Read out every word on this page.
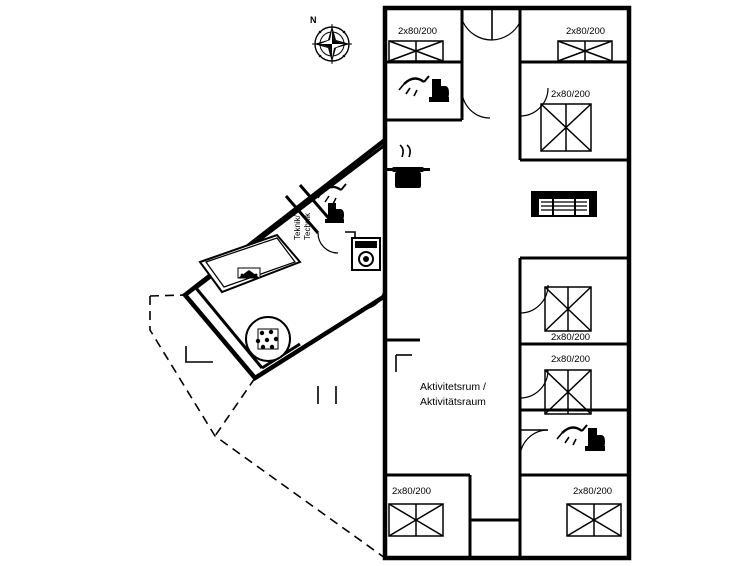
N
2x80/200	2x80/200
2x80/200
2x80/200
2x80/200
2x80/200	2x80/200
Aktivitetsrum /
Aktivitätsraum
Teknik/ Technik
